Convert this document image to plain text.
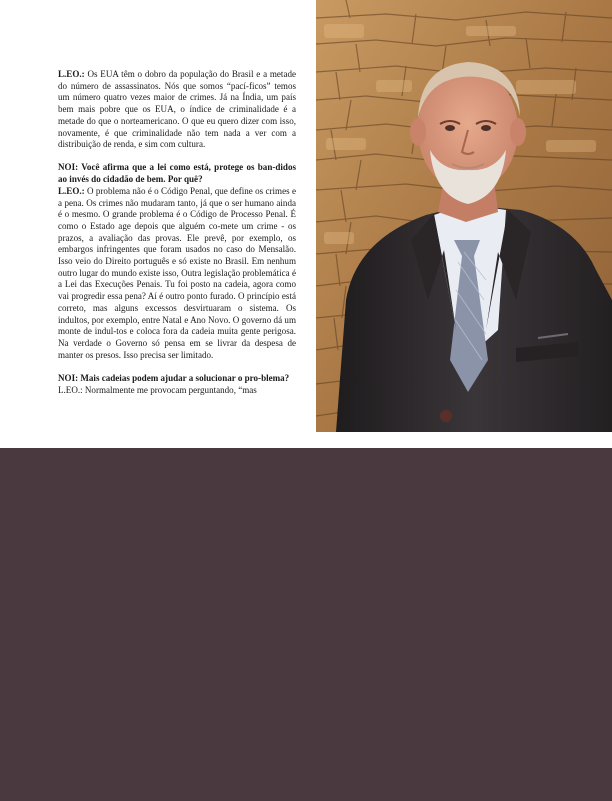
L.EO.: Os EUA têm o dobro da população do Brasil e a metade do número de assassinatos. Nós que somos “pací-ficos” temos um número quatro vezes maior de crimes. Já na Índia, um país bem mais pobre que os EUA, o índice de criminalidade é a metade do que o norteamericano. O que eu quero dizer com isso, novamente, é que criminalidade não tem nada a ver com a distribuição de renda, e sim com cultura.

NOI: Você afirma que a lei como está, protege os ban-didos ao invés do cidadão de bem. Por quê?

L.EO.: O problema não é o Código Penal, que define os crimes e a pena. Os crimes não mudaram tanto, já que o ser humano ainda é o mesmo. O grande problema é o Código de Processo Penal. É como o Estado age depois que alguém co-mete um crime - os prazos, a avaliação das provas. Ele prevê, por exemplo, os embargos infringentes que foram usados no caso do Mensalão. Isso veio do Direito português e só existe no Brasil. Em nenhum outro lugar do mundo existe isso, Outra legislação problemática é a Lei das Execuções Penais. Tu foi posto na cadeia, agora como vai progredir essa pena? Aí é outro ponto furado. O princípio está correto, mas alguns excessos desvirtuaram o sistema. Os indultos, por exemplo, entre Natal e Ano Novo. O governo dá um monte de indul-tos e coloca fora da cadeia muita gente perigosa. Na verdade o Governo só pensa em se livrar da despesa de manter os presos. Isso precisa ser limitado.

NOI: Mais cadeias podem ajudar a solucionar o pro-blema?

L.EO.: Normalmente me provocam perguntando, “mas
